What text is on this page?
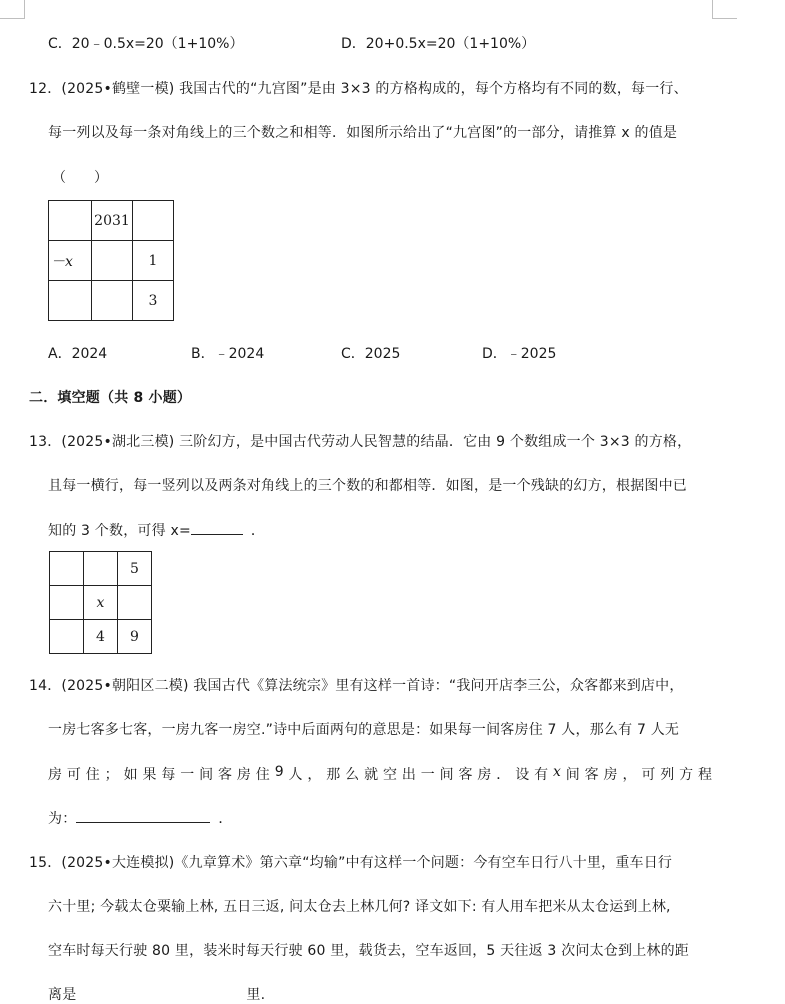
C．20﹣0.5x=20（1+10%）	D．20+0.5x=20（1+10%）
12．(2025•鹤壁一模) 我国古代的“九宫图”是由 3×3 的方格构成的，每个方格均有不同的数，每一行、
每一列以及每一条对角线上的三个数之和相等．如图所示给出了“九宫图”的一部分，请推算 x 的值是
（　　）
	2031	
－x		1
		3
A．2024	B．﹣2024	C．2025	D．﹣2025
二．填空题（共 8 小题）
13．(2025•湖北三模) 三阶幻方，是中国古代劳动人民智慧的结晶．它由 9 个数组成一个 3×3 的方格，
且每一横行，每一竖列以及两条对角线上的三个数的和都相等．如图，是一个残缺的幻方，根据图中已
知的 3 个数，可得 x=	．
		5
	x	
	4	9
14．(2025•朝阳区二模) 我国古代《算法统宗》里有这样一首诗：“我问开店李三公，众客都来到店中，
一房七客多七客，一房九客一房空.”诗中后面两句的意思是：如果每一间客房住 7 人，那么有 7 人无
房 可 住 ； 如 果 每 一 间 客 房 住 9 人 ， 那 么 就 空 出 一 间 客 房 ． 设 有 x 间 客 房 ， 可 列 方 程
为：	．
15．(2025•大连模拟)《九章算术》第六章“均输”中有这样一个问题：今有空车日行八十里，重车日行
六十里; 今载太仓粟输上林, 五日三返, 问太仓去上林几何? 译文如下: 有人用车把米从太仓运到上林,
空车时每天行驶 80 里，装米时每天行驶 60 里，载货去，空车返回，5 天往返 3 次问太仓到上林的距
离是	里.
